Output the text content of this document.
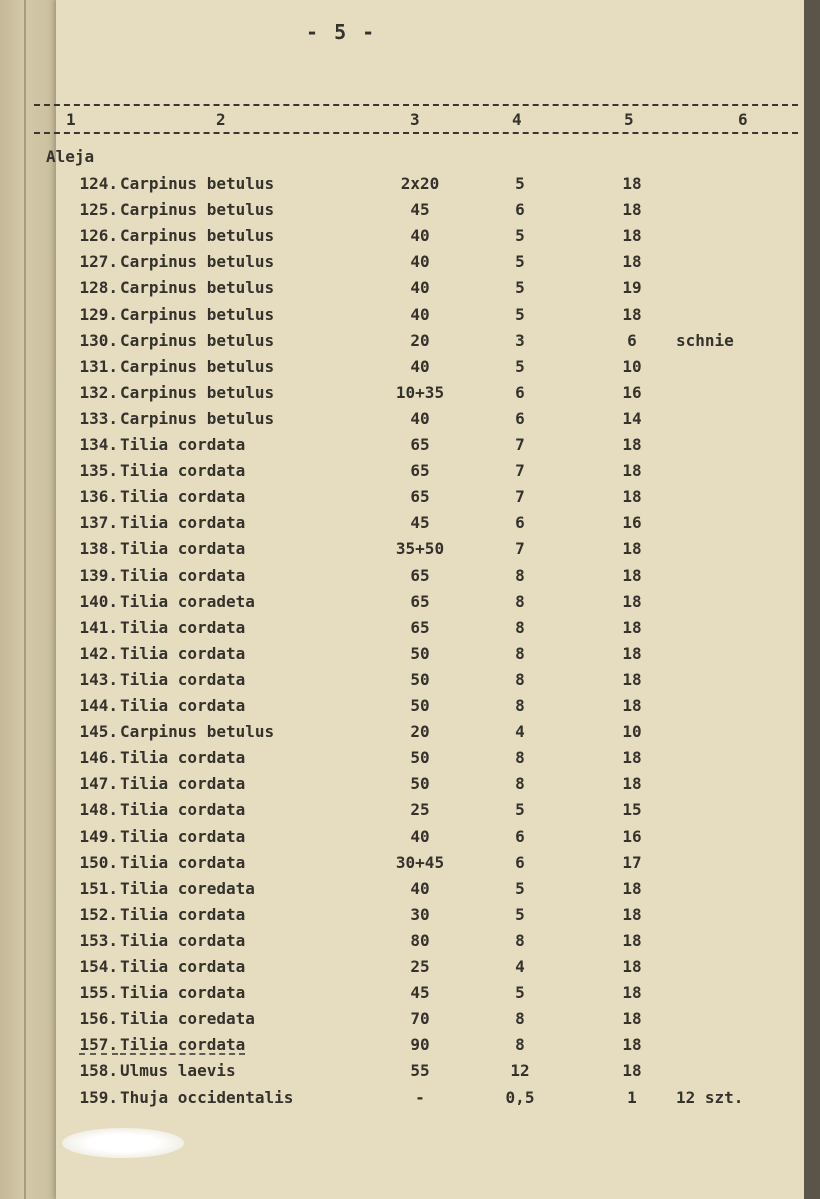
- 5 -
1	2	3	4	5	6
Aleja
124. Carpinus betulus	2x20	5	18
125. Carpinus betulus	45	6	18
126. Carpinus betulus	40	5	18
127. Carpinus betulus	40	5	18
128. Carpinus betulus	40	5	19
129. Carpinus betulus	40	5	18
130. Carpinus betulus	20	3	6	schnie
131. Carpinus betulus	40	5	10
132. Carpinus betulus	10+35	6	16
133. Carpinus betulus	40	6	14
134. Tilia cordata	65	7	18
135. Tilia cordata	65	7	18
136. Tilia cordata	65	7	18
137. Tilia cordata	45	6	16
138. Tilia cordata	35+50	7	18
139. Tilia cordata	65	8	18
140. Tilia coradeta	65	8	18
141. Tilia cordata	65	8	18
142. Tilia cordata	50	8	18
143. Tilia cordata	50	8	18
144. Tilia cordata	50	8	18
145. Carpinus betulus	20	4	10
146. Tilia cordata	50	8	18
147. Tilia cordata	50	8	18
148. Tilia cordata	25	5	15
149. Tilia cordata	40	6	16
150. Tilia cordata	30+45	6	17
151. Tilia coredata	40	5	18
152. Tilia cordata	30	5	18
153. Tilia cordata	80	8	18
154. Tilia cordata	25	4	18
155. Tilia cordata	45	5	18
156. Tilia coredata	70	8	18
157. Tilia cordata	90	8	18
158. Ulmus laevis	55	12	18
159. Thuja occidentalis	-	0,5	1	12 szt.
